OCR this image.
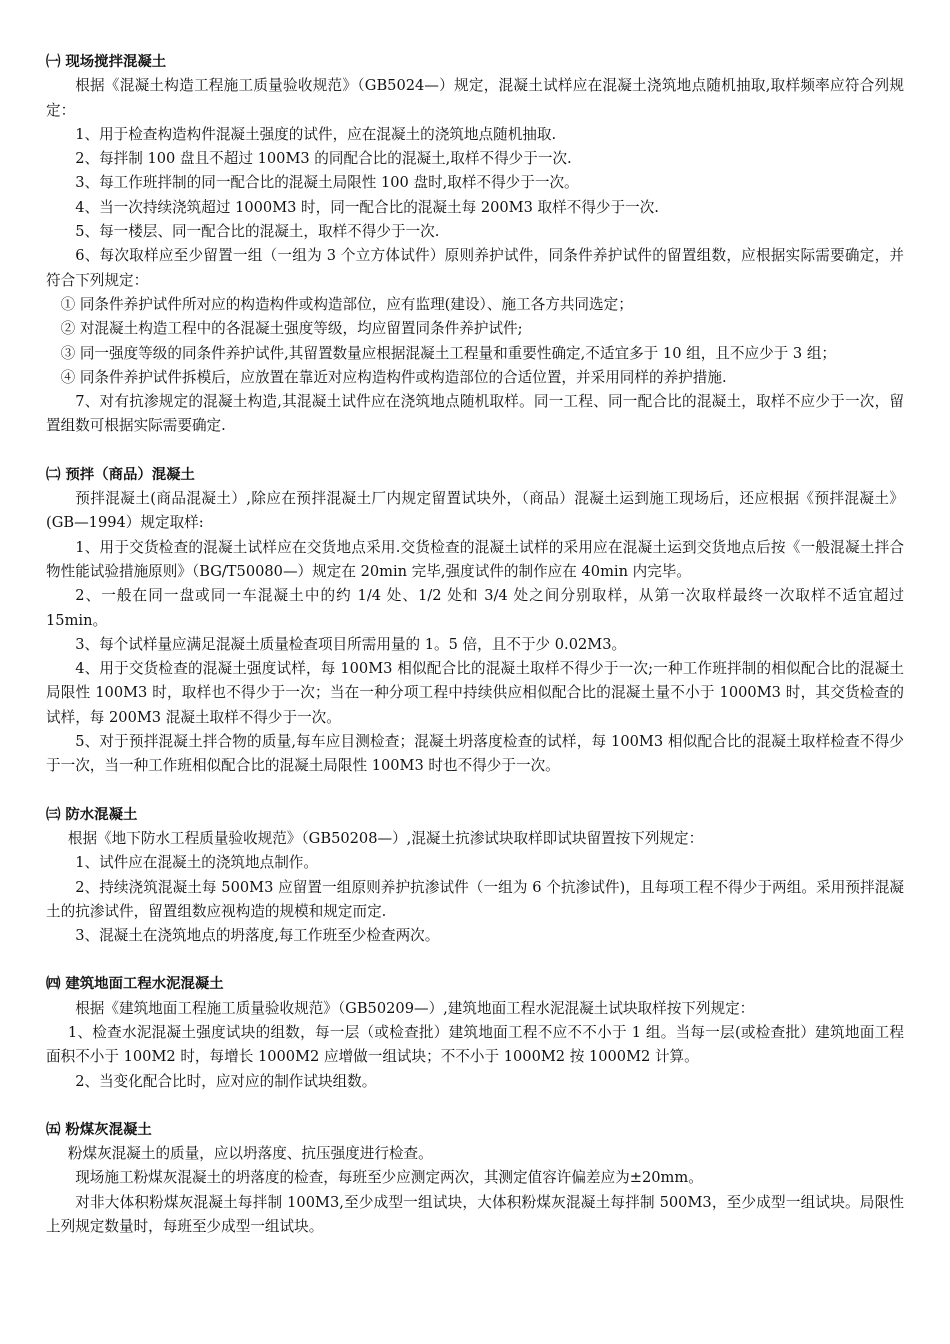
㈠ 现场搅拌混凝土

根据《混凝土构造工程施工质量验收规范》（GB5024—）规定，混凝土试样应在混凝土浇筑地点随机抽取,取样频率应符合列规定：

1、用于检查构造构件混凝土强度的试件，应在混凝土的浇筑地点随机抽取.

2、每拌制 100 盘且不超过 100M3 的同配合比的混凝土,取样不得少于一次.

3、每工作班拌制的同一配合比的混凝土局限性 100 盘时,取样不得少于一次。

4、当一次持续浇筑超过 1000M3 时，同一配合比的混凝土每 200M3 取样不得少于一次.

5、每一楼层、同一配合比的混凝土，取样不得少于一次.

6、每次取样应至少留置一组（一组为 3 个立方体试件）原则养护试件，同条件养护试件的留置组数，应根据实际需要确定，并符合下列规定：

① 同条件养护试件所对应的构造构件或构造部位，应有监理(建设）、施工各方共同选定；

② 对混凝土构造工程中的各混凝土强度等级，均应留置同条件养护试件;

③ 同一强度等级的同条件养护试件,其留置数量应根据混凝土工程量和重要性确定,不适宜多于 10 组，且不应少于 3 组；

④ 同条件养护试件拆模后，应放置在靠近对应构造构件或构造部位的合适位置，并采用同样的养护措施.

7、对有抗渗规定的混凝土构造,其混凝土试件应在浇筑地点随机取样。同一工程、同一配合比的混凝土，取样不应少于一次，留置组数可根据实际需要确定.

㈡ 预拌（商品）混凝土

预拌混凝土(商品混凝土）,除应在预拌混凝土厂内规定留置试块外，（商品）混凝土运到施工现场后，还应根据《预拌混凝土》(GB—1994）规定取样:

1、用于交货检查的混凝土试样应在交货地点采用.交货检查的混凝土试样的采用应在混凝土运到交货地点后按《一般混凝土拌合物性能试验措施原则》（BG/T50080—）规定在 20min 完毕,强度试件的制作应在 40min 内完毕。

2、一般在同一盘或同一车混凝土中的约 1/4 处、1/2 处和 3/4 处之间分别取样，从第一次取样最终一次取样不适宜超过 15min。

3、每个试样量应满足混凝土质量检查项目所需用量的 1。5 倍，且不于少 0.02M3。

4、用于交货检查的混凝土强度试样，每 100M3 相似配合比的混凝土取样不得少于一次;一种工作班拌制的相似配合比的混凝土局限性 100M3 时，取样也不得少于一次；当在一种分项工程中持续供应相似配合比的混凝土量不小于 1000M3 时，其交货检查的试样，每 200M3 混凝土取样不得少于一次。

5、对于预拌混凝土拌合物的质量,每车应目测检查；混凝土坍落度检查的试样，每 100M3 相似配合比的混凝土取样检查不得少于一次，当一种工作班相似配合比的混凝土局限性 100M3 时也不得少于一次。

㈢ 防水混凝土

根据《地下防水工程质量验收规范》（GB50208—）,混凝土抗渗试块取样即试块留置按下列规定：

1、试件应在混凝土的浇筑地点制作。

2、持续浇筑混凝土每 500M3 应留置一组原则养护抗渗试件（一组为 6 个抗渗试件)，且每项工程不得少于两组。采用预拌混凝土的抗渗试件，留置组数应视构造的规模和规定而定.

3、混凝土在浇筑地点的坍落度,每工作班至少检查两次。

㈣ 建筑地面工程水泥混凝土

根据《建筑地面工程施工质量验收规范》（GB50209—）,建筑地面工程水泥混凝土试块取样按下列规定：

1、检查水泥混凝土强度试块的组数，每一层（或检查批）建筑地面工程不应不不小于 1 组。当每一层(或检查批）建筑地面工程面积不小于 100M2 时，每增长 1000M2 应增做一组试块；不不小于 1000M2 按 1000M2 计算。

2、当变化配合比时，应对应的制作试块组数。

㈤ 粉煤灰混凝土

粉煤灰混凝土的质量，应以坍落度、抗压强度进行检查。

现场施工粉煤灰混凝土的坍落度的检查，每班至少应测定两次，其测定值容许偏差应为±20mm。

对非大体积粉煤灰混凝土每拌制 100M3,至少成型一组试块，大体积粉煤灰混凝土每拌制 500M3，至少成型一组试块。局限性上列规定数量时，每班至少成型一组试块。
